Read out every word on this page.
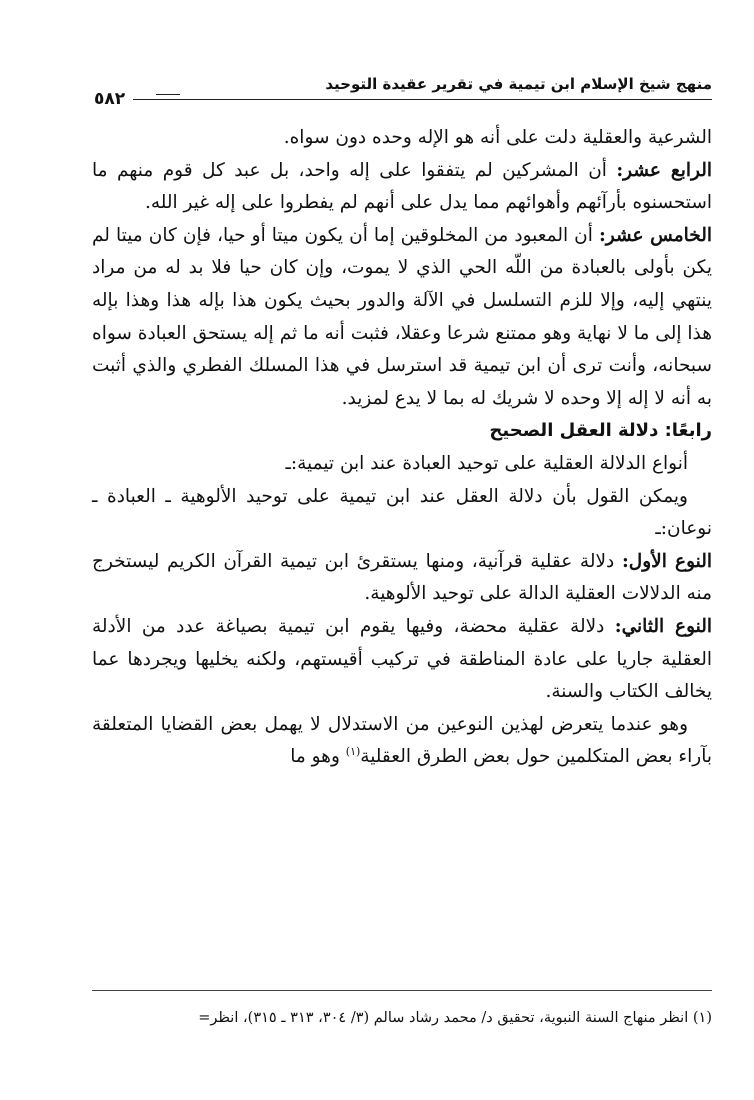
منهج شيخ الإسلام ابن تيمية في تقرير عقيدة التوحيد
٥٨٢

الشرعية والعقلية دلت على أنه هو الإله وحده دون سواه.

الرابع عشر: أن المشركين لم يتفقوا على إله واحد، بل عبد كل قوم منهم ما استحسنوه بأرآئهم وأهوائهم مما يدل على أنهم لم يفطروا على إله غير الله.

الخامس عشر: أن المعبود من المخلوقين إما أن يكون ميتا أو حيا، فإن كان ميتا لم يكن بأولى بالعبادة من اللّه الحي الذي لا يموت، وإن كان حيا فلا بد له من مراد ينتهي إليه، وإلا للزم التسلسل في الآلة والدور بحيث يكون هذا بإله هذا وهذا بإله هذا إلى ما لا نهاية وهو ممتنع شرعا وعقلا، فثبت أنه ما ثم إله يستحق العبادة سواه سبحانه، وأنت ترى أن ابن تيمية قد استرسل في هذا المسلك الفطري والذي أثبت به أنه لا إله إلا وحده لا شريك له بما لا يدع لمزيد.

رابعًا: دلالة العقل الصحيح

أنواع الدلالة العقلية على توحيد العبادة عند ابن تيمية:ـ

ويمكن القول بأن دلالة العقل عند ابن تيمية على توحيد الألوهية ـ العبادة ـ نوعان:ـ

النوع الأول: دلالة عقلية قرآنية، ومنها يستقرئ ابن تيمية القرآن الكريم ليستخرج منه الدلالات العقلية الدالة على توحيد الألوهية.

النوع الثاني: دلالة عقلية محضة، وفيها يقوم ابن تيمية بصياغة عدد من الأدلة العقلية جاريا على عادة المناطقة في تركيب أقيستهم، ولكنه يخليها ويجردها عما يخالف الكتاب والسنة.

وهو عندما يتعرض لهذين النوعين من الاستدلال لا يهمل بعض القضايا المتعلقة بآراء بعض المتكلمين حول بعض الطرق العقلية$^{(١)}$ وهو ما

(١) انظر منهاج السنة النبوية، تحقيق د/ محمد رشاد سالم (٣/ ٣٠٤، ٣١٣ ـ ٣١٥)، انظر=
